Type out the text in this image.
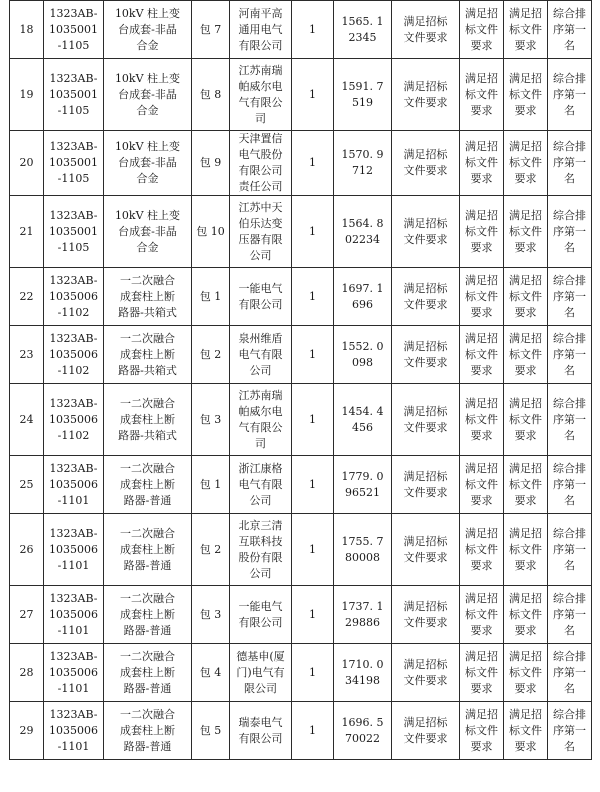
18	1323AB-
1035001
-1105	10kV 柱上变
台成套-非晶
合金	包 7	河南平高
通用电气
有限公司	1	1565. 1
2345	满足招标
文件要求	满足招
标文件
要求	满足招
标文件
要求	综合排
序第一
名
19	1323AB-
1035001
-1105	10kV 柱上变
台成套-非晶
合金	包 8	江苏南瑞
帕威尔电
气有限公
司	1	1591. 7
519	满足招标
文件要求	满足招
标文件
要求	满足招
标文件
要求	综合排
序第一
名
20	1323AB-
1035001
-1105	10kV 柱上变
台成套-非晶
合金	包 9	天津置信
电气股份
有限公司
责任公司	1	1570. 9
712	满足招标
文件要求	满足招
标文件
要求	满足招
标文件
要求	综合排
序第一
名
21	1323AB-
1035001
-1105	10kV 柱上变
台成套-非晶
合金	包 10	江苏中天
伯乐达变
压器有限
公司	1	1564. 8
02234	满足招标
文件要求	满足招
标文件
要求	满足招
标文件
要求	综合排
序第一
名
22	1323AB-
1035006
-1102	一二次融合
成套柱上断
路器-共箱式	包 1	一能电气
有限公司	1	1697. 1
696	满足招标
文件要求	满足招
标文件
要求	满足招
标文件
要求	综合排
序第一
名
23	1323AB-
1035006
-1102	一二次融合
成套柱上断
路器-共箱式	包 2	泉州维盾
电气有限
公司	1	1552. 0
098	满足招标
文件要求	满足招
标文件
要求	满足招
标文件
要求	综合排
序第一
名
24	1323AB-
1035006
-1102	一二次融合
成套柱上断
路器-共箱式	包 3	江苏南瑞
帕威尔电
气有限公
司	1	1454. 4
456	满足招标
文件要求	满足招
标文件
要求	满足招
标文件
要求	综合排
序第一
名
25	1323AB-
1035006
-1101	一二次融合
成套柱上断
路器-普通	包 1	浙江康格
电气有限
公司	1	1779. 0
96521	满足招标
文件要求	满足招
标文件
要求	满足招
标文件
要求	综合排
序第一
名
26	1323AB-
1035006
-1101	一二次融合
成套柱上断
路器-普通	包 2	北京三清
互联科技
股份有限
公司	1	1755. 7
80008	满足招标
文件要求	满足招
标文件
要求	满足招
标文件
要求	综合排
序第一
名
27	1323AB-
1035006
-1101	一二次融合
成套柱上断
路器-普通	包 3	一能电气
有限公司	1	1737. 1
29886	满足招标
文件要求	满足招
标文件
要求	满足招
标文件
要求	综合排
序第一
名
28	1323AB-
1035006
-1101	一二次融合
成套柱上断
路器-普通	包 4	德基申(厦
门)电气有
限公司	1	1710. 0
34198	满足招标
文件要求	满足招
标文件
要求	满足招
标文件
要求	综合排
序第一
名
29	1323AB-
1035006
-1101	一二次融合
成套柱上断
路器-普通	包 5	瑞泰电气
有限公司	1	1696. 5
70022	满足招标
文件要求	满足招
标文件
要求	满足招
标文件
要求	综合排
序第一
名
